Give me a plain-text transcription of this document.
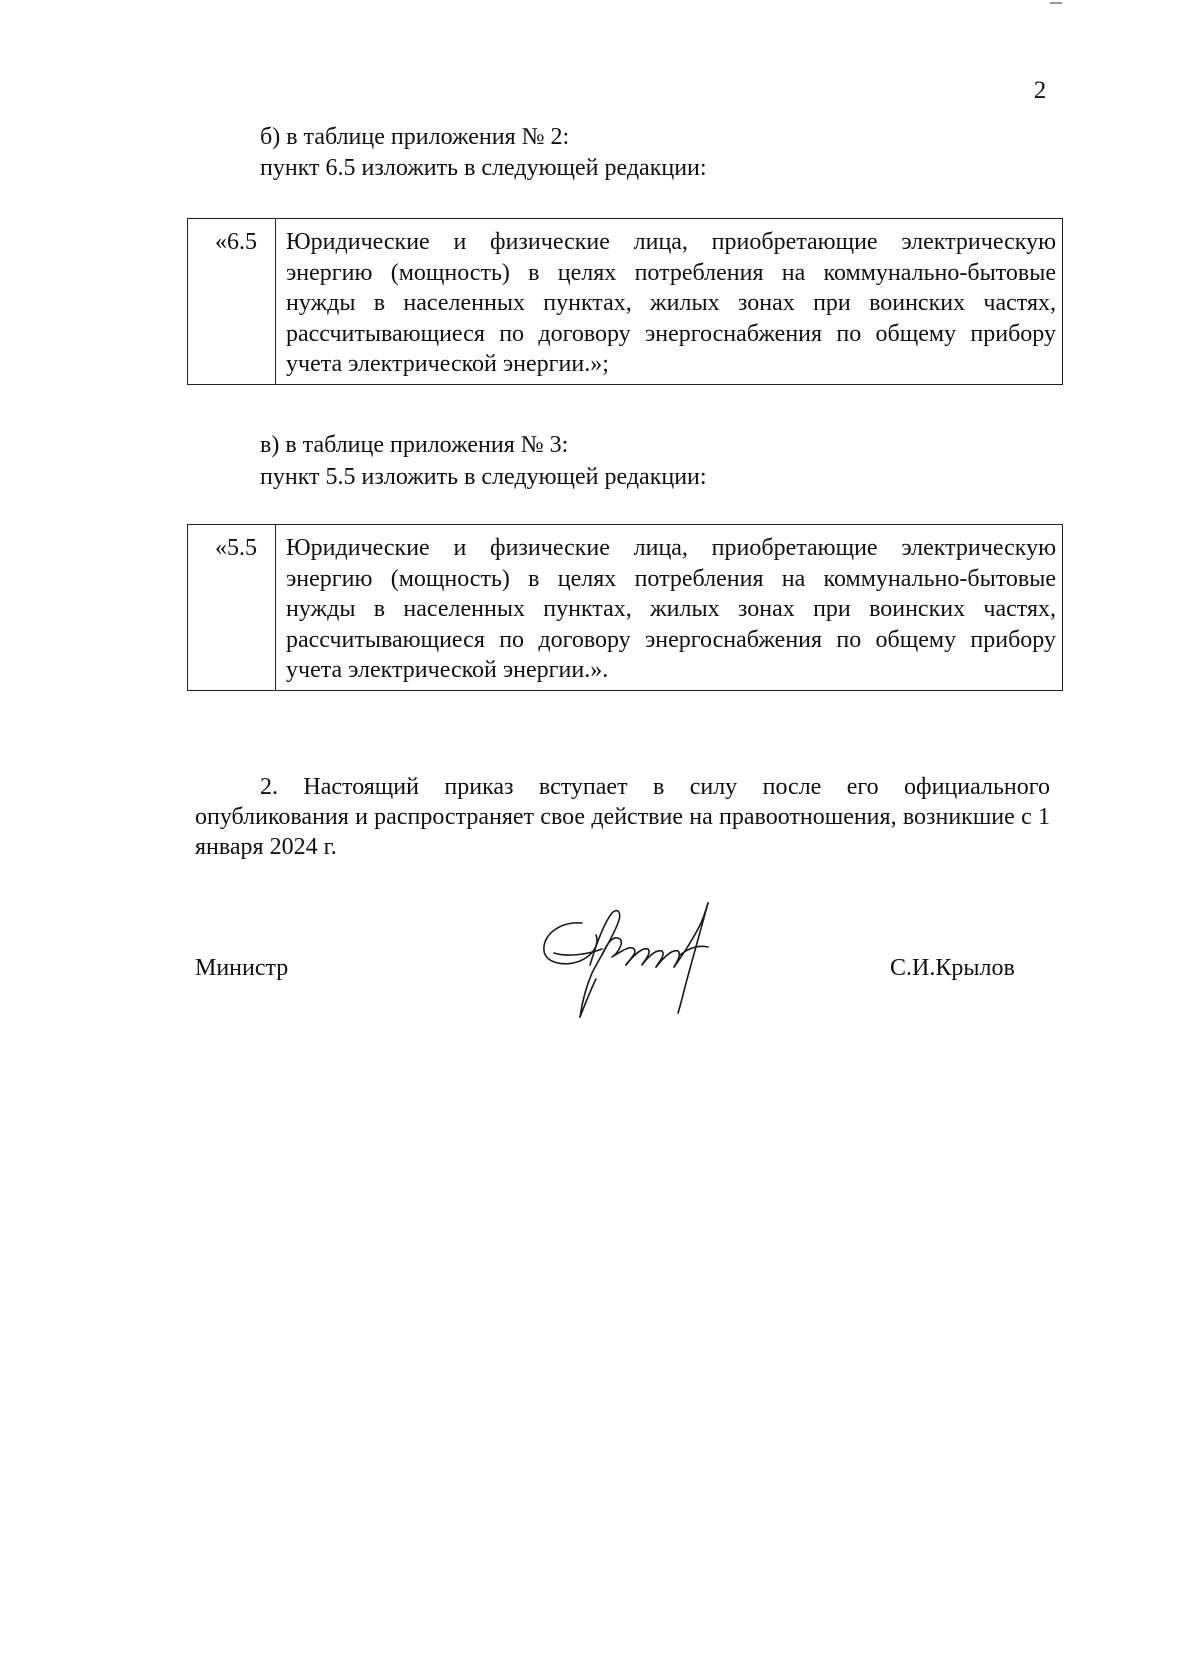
2
б) в таблице приложения № 2:
пункт 6.5 изложить в следующей редакции:
«6.5	Юридические и физические лица, приобретающие электрическую энергию (мощность) в целях потребления на коммунально-бытовые нужды в населенных пунктах, жилых зонах при воинских частях, рассчитывающиеся по договору энергоснабжения по общему прибору учета электрической энергии.»;
в) в таблице приложения № 3:
пункт 5.5 изложить в следующей редакции:
«5.5	Юридические и физические лица, приобретающие электрическую энергию (мощность) в целях потребления на коммунально-бытовые нужды в населенных пунктах, жилых зонах при воинских частях, рассчитывающиеся по договору энергоснабжения по общему прибору учета электрической энергии.».
2. Настоящий приказ вступает в силу после его официального опубликования и распространяет свое действие на правоотношения, возникшие с 1 января 2024 г.
Министр	С.И.Крылов
